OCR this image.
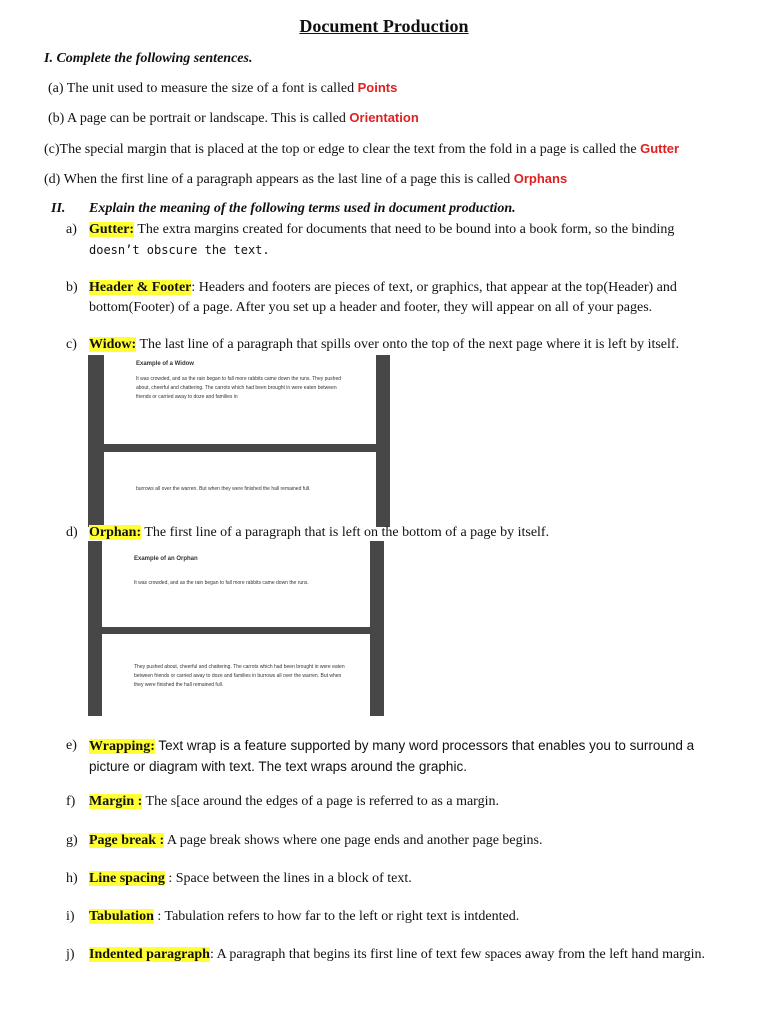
Document Production
I. Complete the following sentences.
(a) The unit used to measure the size of a font is called Points
(b) A page can be portrait or landscape. This is called Orientation
(c)The special margin that is placed at the top or edge to clear the text from the fold in a page is called the Gutter
(d) When the first line of a paragraph appears as the last line of a page this is called Orphans
II. Explain the meaning of the following terms used in document production.
a) Gutter: The extra margins created for documents that need to be bound into a book form, so the binding
doesn’t obscure the text.
b) Header & Footer: Headers and footers are pieces of text, or graphics, that appear at the top(Header) and bottom(Footer) of a page. After you set up a header and footer, they will appear on all of your pages.
c) Widow: The last line of a paragraph that spills over onto the top of the next page where it is left by itself.
Example of a Widow
It was crowded, and as the rain began to fall more rabbits came down the runs. They pushed about, cheerful and chattering. The carrots which had been brought in were eaten between friends or carried away to doze and families in
burrows all over the warren. But when they were finished the hall remained full.
d) Orphan: The first line of a paragraph that is left on the bottom of a page by itself.
Example of an Orphan
It was crowded, and as the rain began to fall more rabbits came down the runs.
They pushed about, cheerful and chattering. The carrots which had been brought in were eaten between friends or carried away to doze and families in burrows all over the warren. But when they were finished the hall remained full.
e) Wrapping: Text wrap is a feature supported by many word processors that enables you to surround a picture or diagram with text. The text wraps around the graphic.
f) Margin : The s[ace around the edges of a page is referred to as a margin.
g) Page break : A page break shows where one page ends and another page begins.
h) Line spacing : Space between the lines in a block of text.
i) Tabulation : Tabulation refers to how far to the left or right text is intdented.
j) Indented paragraph: A paragraph that begins its first line of text few spaces away from the left hand margin.
